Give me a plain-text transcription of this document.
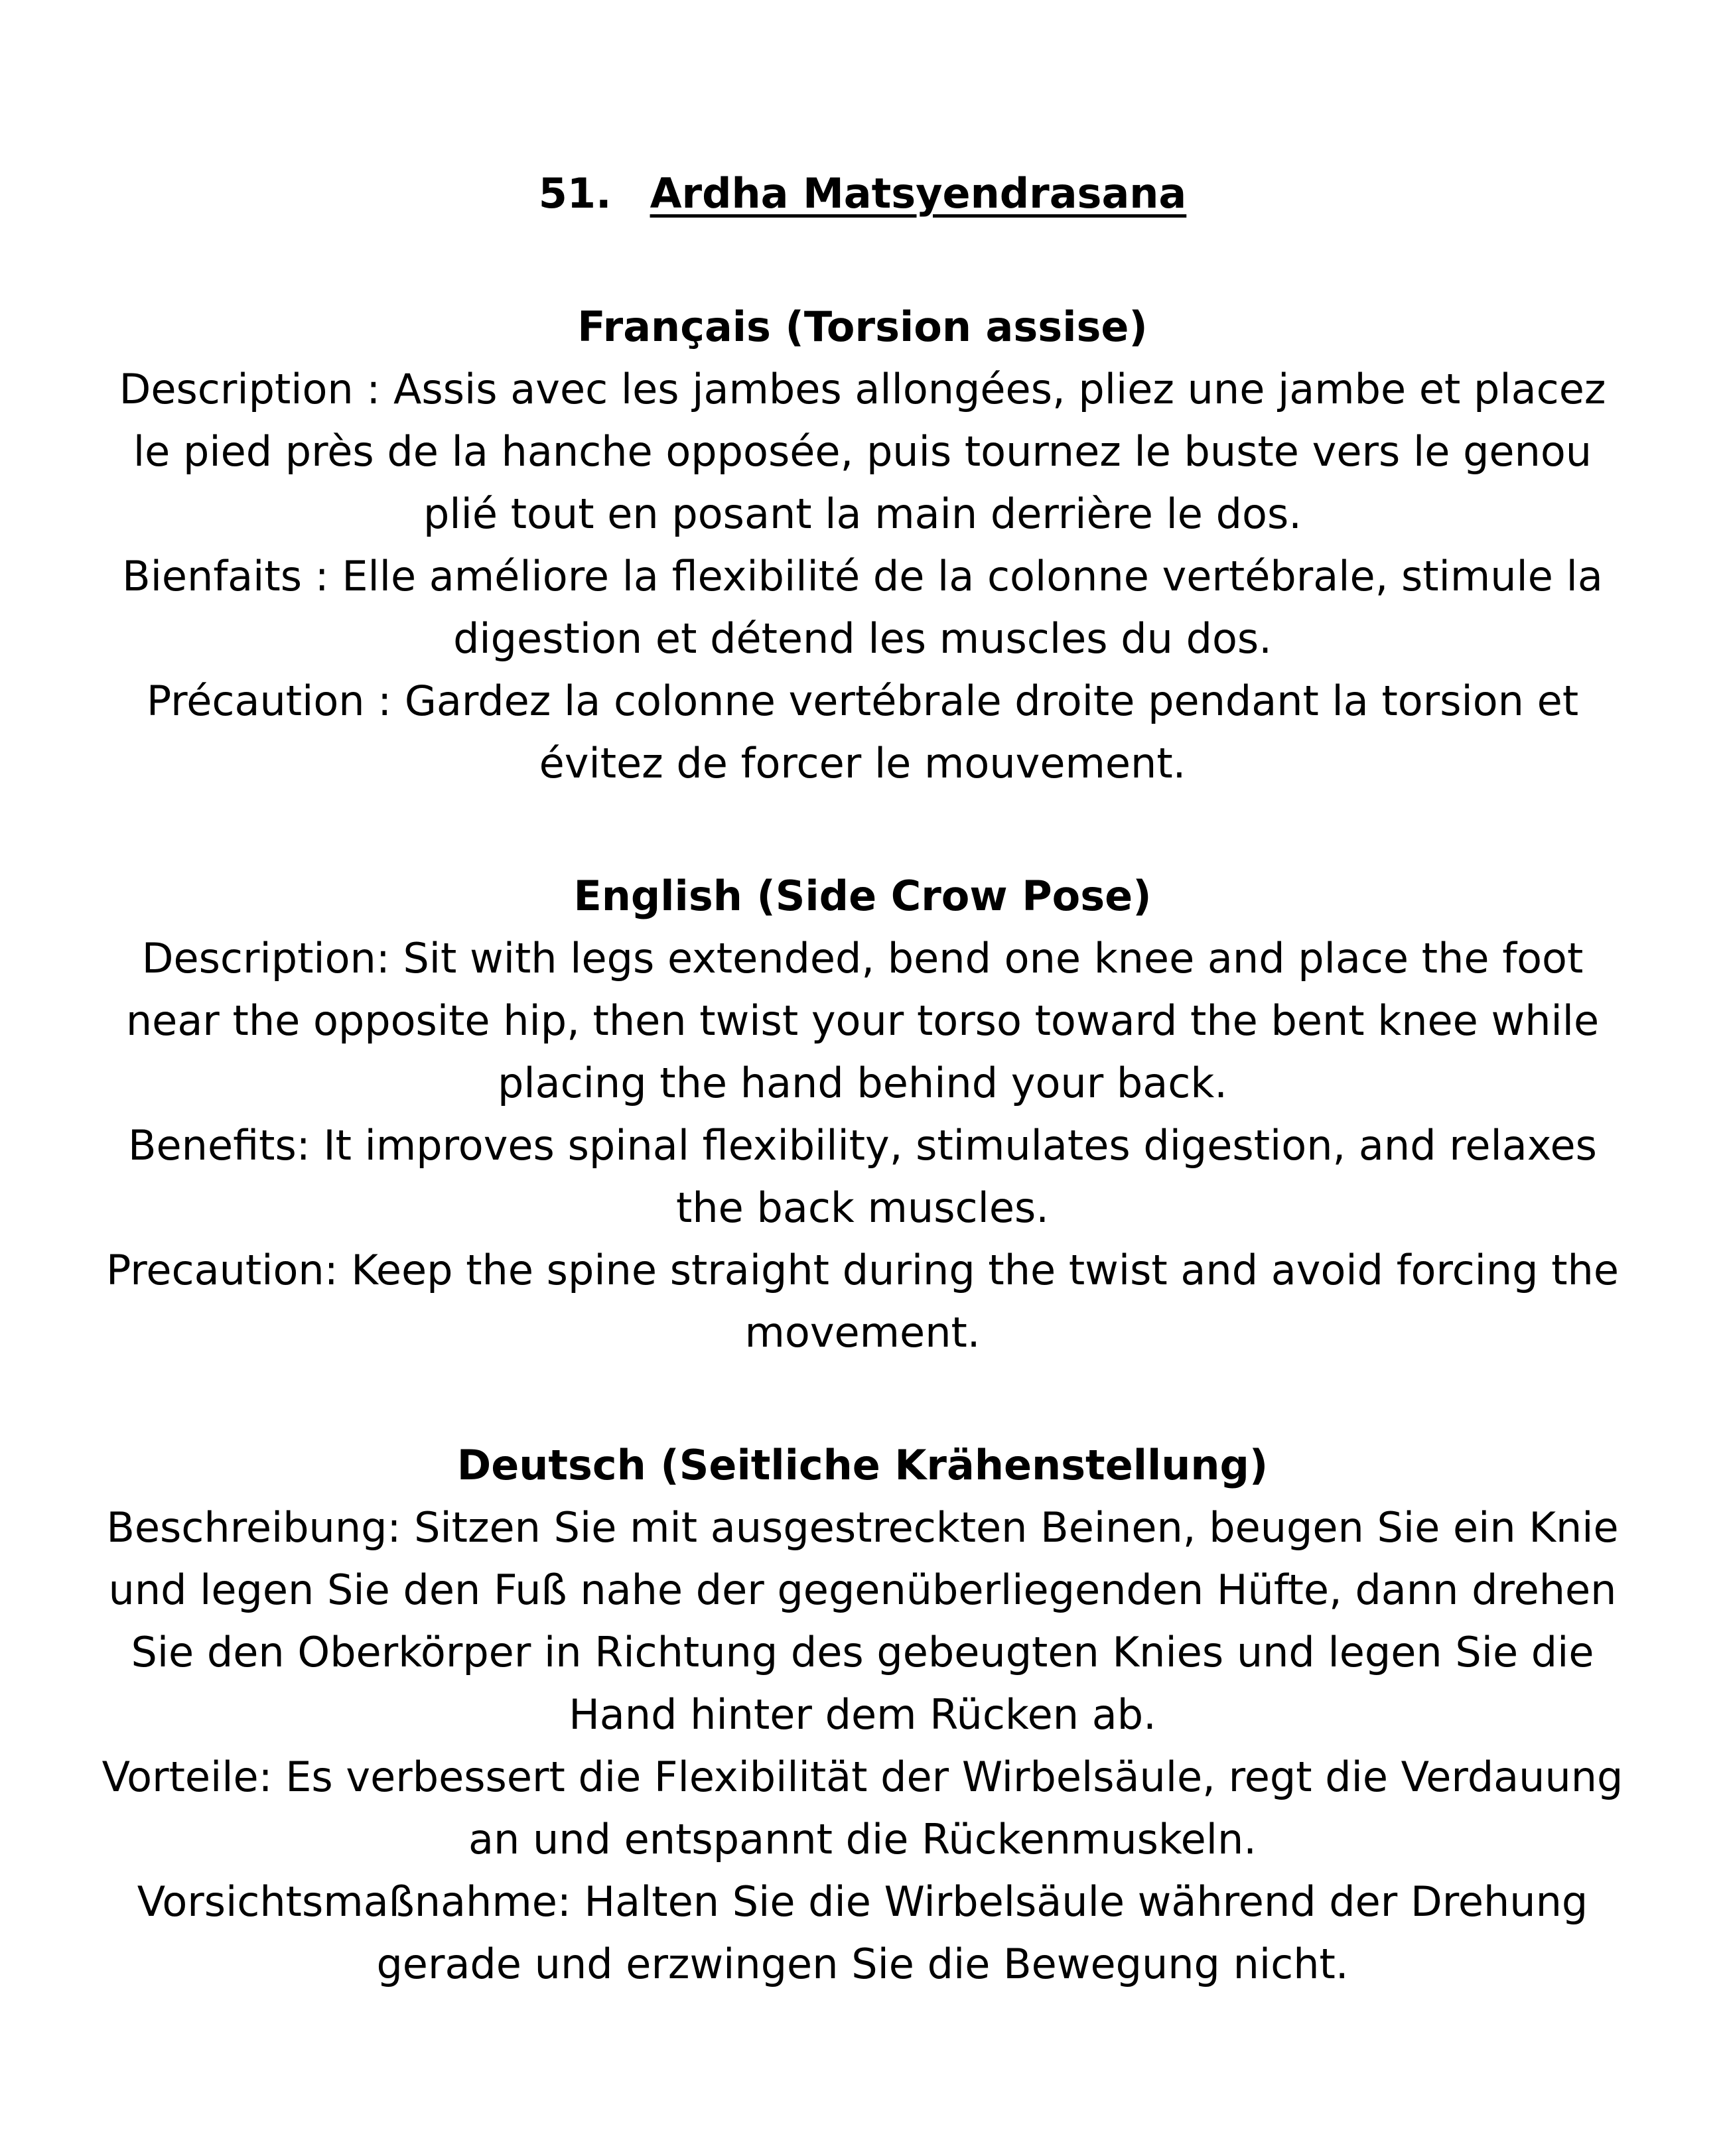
51. Ardha Matsyendrasana
Français (Torsion assise)

Description : Assis avec les jambes allongées, pliez une jambe et placez le pied près de la hanche opposée, puis tournez le buste vers le genou plié tout en posant la main derrière le dos.

Bienfaits : Elle améliore la flexibilité de la colonne vertébrale, stimule la digestion et détend les muscles du dos.

Précaution : Gardez la colonne vertébrale droite pendant la torsion et évitez de forcer le mouvement.

English (Side Crow Pose)

Description: Sit with legs extended, bend one knee and place the foot near the opposite hip, then twist your torso toward the bent knee while placing the hand behind your back.

Benefits: It improves spinal flexibility, stimulates digestion, and relaxes the back muscles.

Precaution: Keep the spine straight during the twist and avoid forcing the movement.

Deutsch (Seitliche Krähenstellung)

Beschreibung: Sitzen Sie mit ausgestreckten Beinen, beugen Sie ein Knie und legen Sie den Fuß nahe der gegenüberliegenden Hüfte, dann drehen Sie den Oberkörper in Richtung des gebeugten Knies und legen Sie die Hand hinter dem Rücken ab.

Vorteile: Es verbessert die Flexibilität der Wirbelsäule, regt die Verdauung an und entspannt die Rückenmuskeln.

Vorsichtsmaßnahme: Halten Sie die Wirbelsäule während der Drehung gerade und erzwingen Sie die Bewegung nicht.
